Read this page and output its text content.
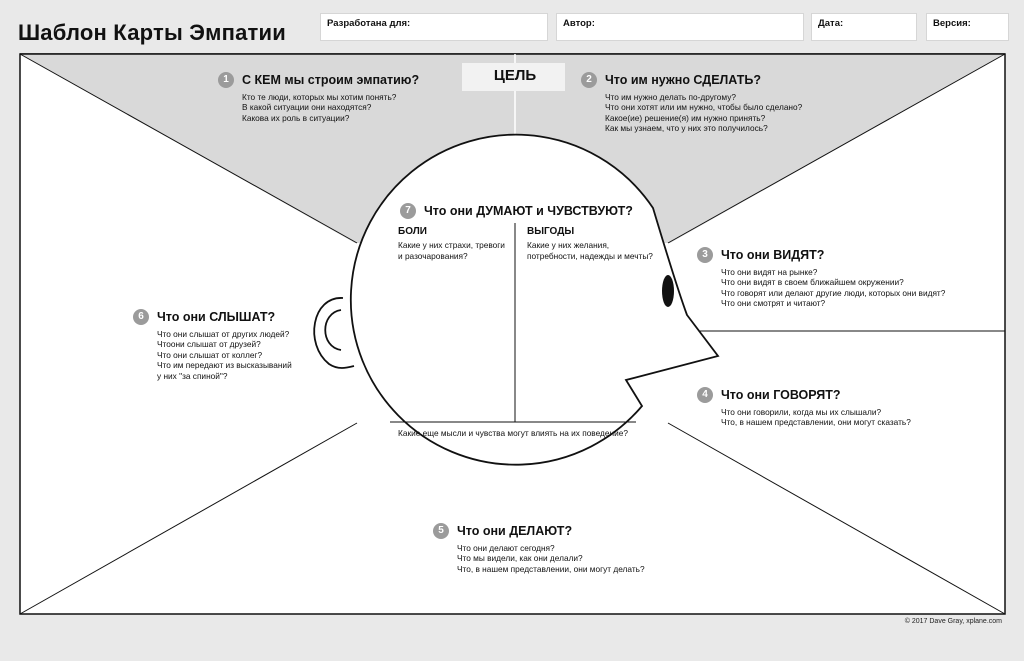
Шаблон Карты Эмпатии	Разработана для:	Автор:	Дата:	Версия:
ЦЕЛЬ
1	С КЕМ мы строим эмпатию?
Кто те люди, которых мы хотим понять?
В какой ситуации они находятся?
Какова их роль в ситуации?
2	Что им нужно СДЕЛАТЬ?
Что им нужно делать по-другому?
Что они хотят или им нужно, чтобы было сделано?
Какое(ие) решение(я) им нужно принять?
Как мы узнаем, что у них это получилось?
3	Что они ВИДЯТ?
Что они видят на рынке?
Что они видят в своем ближайшем окружении?
Что говорят или делают другие люди, которых они видят?
Что они смотрят и читают?
4	Что они ГОВОРЯТ?
Что они говорили, когда мы их слышали?
Что, в нашем представлении, они могут сказать?
5	Что они ДЕЛАЮТ?
Что они делают сегодня?
Что мы видели, как они делали?
Что, в нашем представлении, они могут делать?
6	Что они СЛЫШАТ?
Что они слышат от других людей?
Чтоони слышат от друзей?
Что они слышат от коллег?
Что им передают из высказываний
у них "за спиной"?
7	Что они ДУМАЮТ и ЧУВСТВУЮТ?
БОЛИ
Какие у них страхи, тревоги
и разочарования?
ВЫГОДЫ
Какие у них желания,
потребности, надежды и мечты?
Какие еще мысли и чувства могут влиять на их поведение?
© 2017 Dave Gray, xplane.com
